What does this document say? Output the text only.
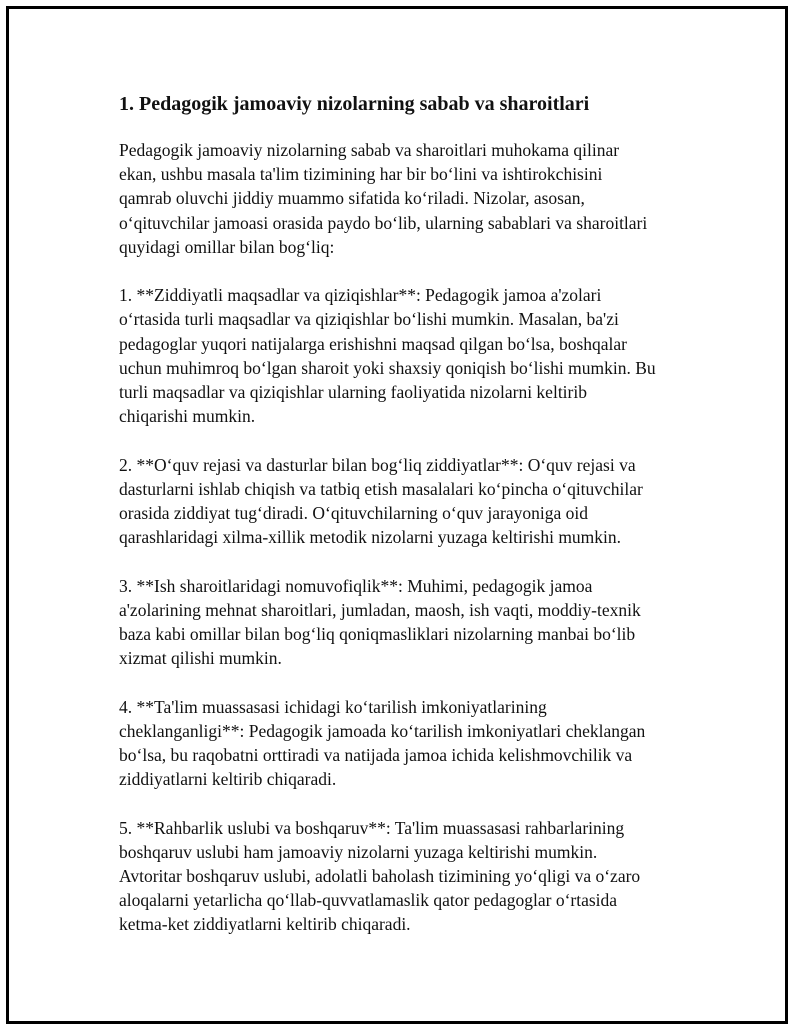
1. Pedagogik jamoaviy nizolarning sabab va sharoitlari

Pedagogik jamoaviy nizolarning sabab va sharoitlari muhokama qilinar
ekan, ushbu masala ta'lim tizimining har bir bo‘lini va ishtirokchisini
qamrab oluvchi jiddiy muammo sifatida ko‘riladi. Nizolar, asosan,
o‘qituvchilar jamoasi orasida paydo bo‘lib, ularning sabablari va sharoitlari
quyidagi omillar bilan bog‘liq:

1. **Ziddiyatli maqsadlar va qiziqishlar**: Pedagogik jamoa a'zolari
o‘rtasida turli maqsadlar va qiziqishlar bo‘lishi mumkin. Masalan, ba'zi
pedagoglar yuqori natijalarga erishishni maqsad qilgan bo‘lsa, boshqalar
uchun muhimroq bo‘lgan sharoit yoki shaxsiy qoniqish bo‘lishi mumkin. Bu
turli maqsadlar va qiziqishlar ularning faoliyatida nizolarni keltirib
chiqarishi mumkin.

2. **O‘quv rejasi va dasturlar bilan bog‘liq ziddiyatlar**: O‘quv rejasi va
dasturlarni ishlab chiqish va tatbiq etish masalalari ko‘pincha o‘qituvchilar
orasida ziddiyat tug‘diradi. O‘qituvchilarning o‘quv jarayoniga oid
qarashlaridagi xilma-xillik metodik nizolarni yuzaga keltirishi mumkin.

3. **Ish sharoitlaridagi nomuvofiqlik**: Muhimi, pedagogik jamoa
a'zolarining mehnat sharoitlari, jumladan, maosh, ish vaqti, moddiy-texnik
baza kabi omillar bilan bog‘liq qoniqmasliklari nizolarning manbai bo‘lib
xizmat qilishi mumkin.

4. **Ta'lim muassasasi ichidagi ko‘tarilish imkoniyatlarining
cheklanganligi**: Pedagogik jamoada ko‘tarilish imkoniyatlari cheklangan
bo‘lsa, bu raqobatni orttiradi va natijada jamoa ichida kelishmovchilik va
ziddiyatlarni keltirib chiqaradi.

5. **Rahbarlik uslubi va boshqaruv**: Ta'lim muassasasi rahbarlarining
boshqaruv uslubi ham jamoaviy nizolarni yuzaga keltirishi mumkin.
Avtoritar boshqaruv uslubi, adolatli baholash tizimining yo‘qligi va o‘zaro
aloqalarni yetarlicha qo‘llab-quvvatlamaslik qator pedagoglar o‘rtasida
ketma-ket ziddiyatlarni keltirib chiqaradi.
